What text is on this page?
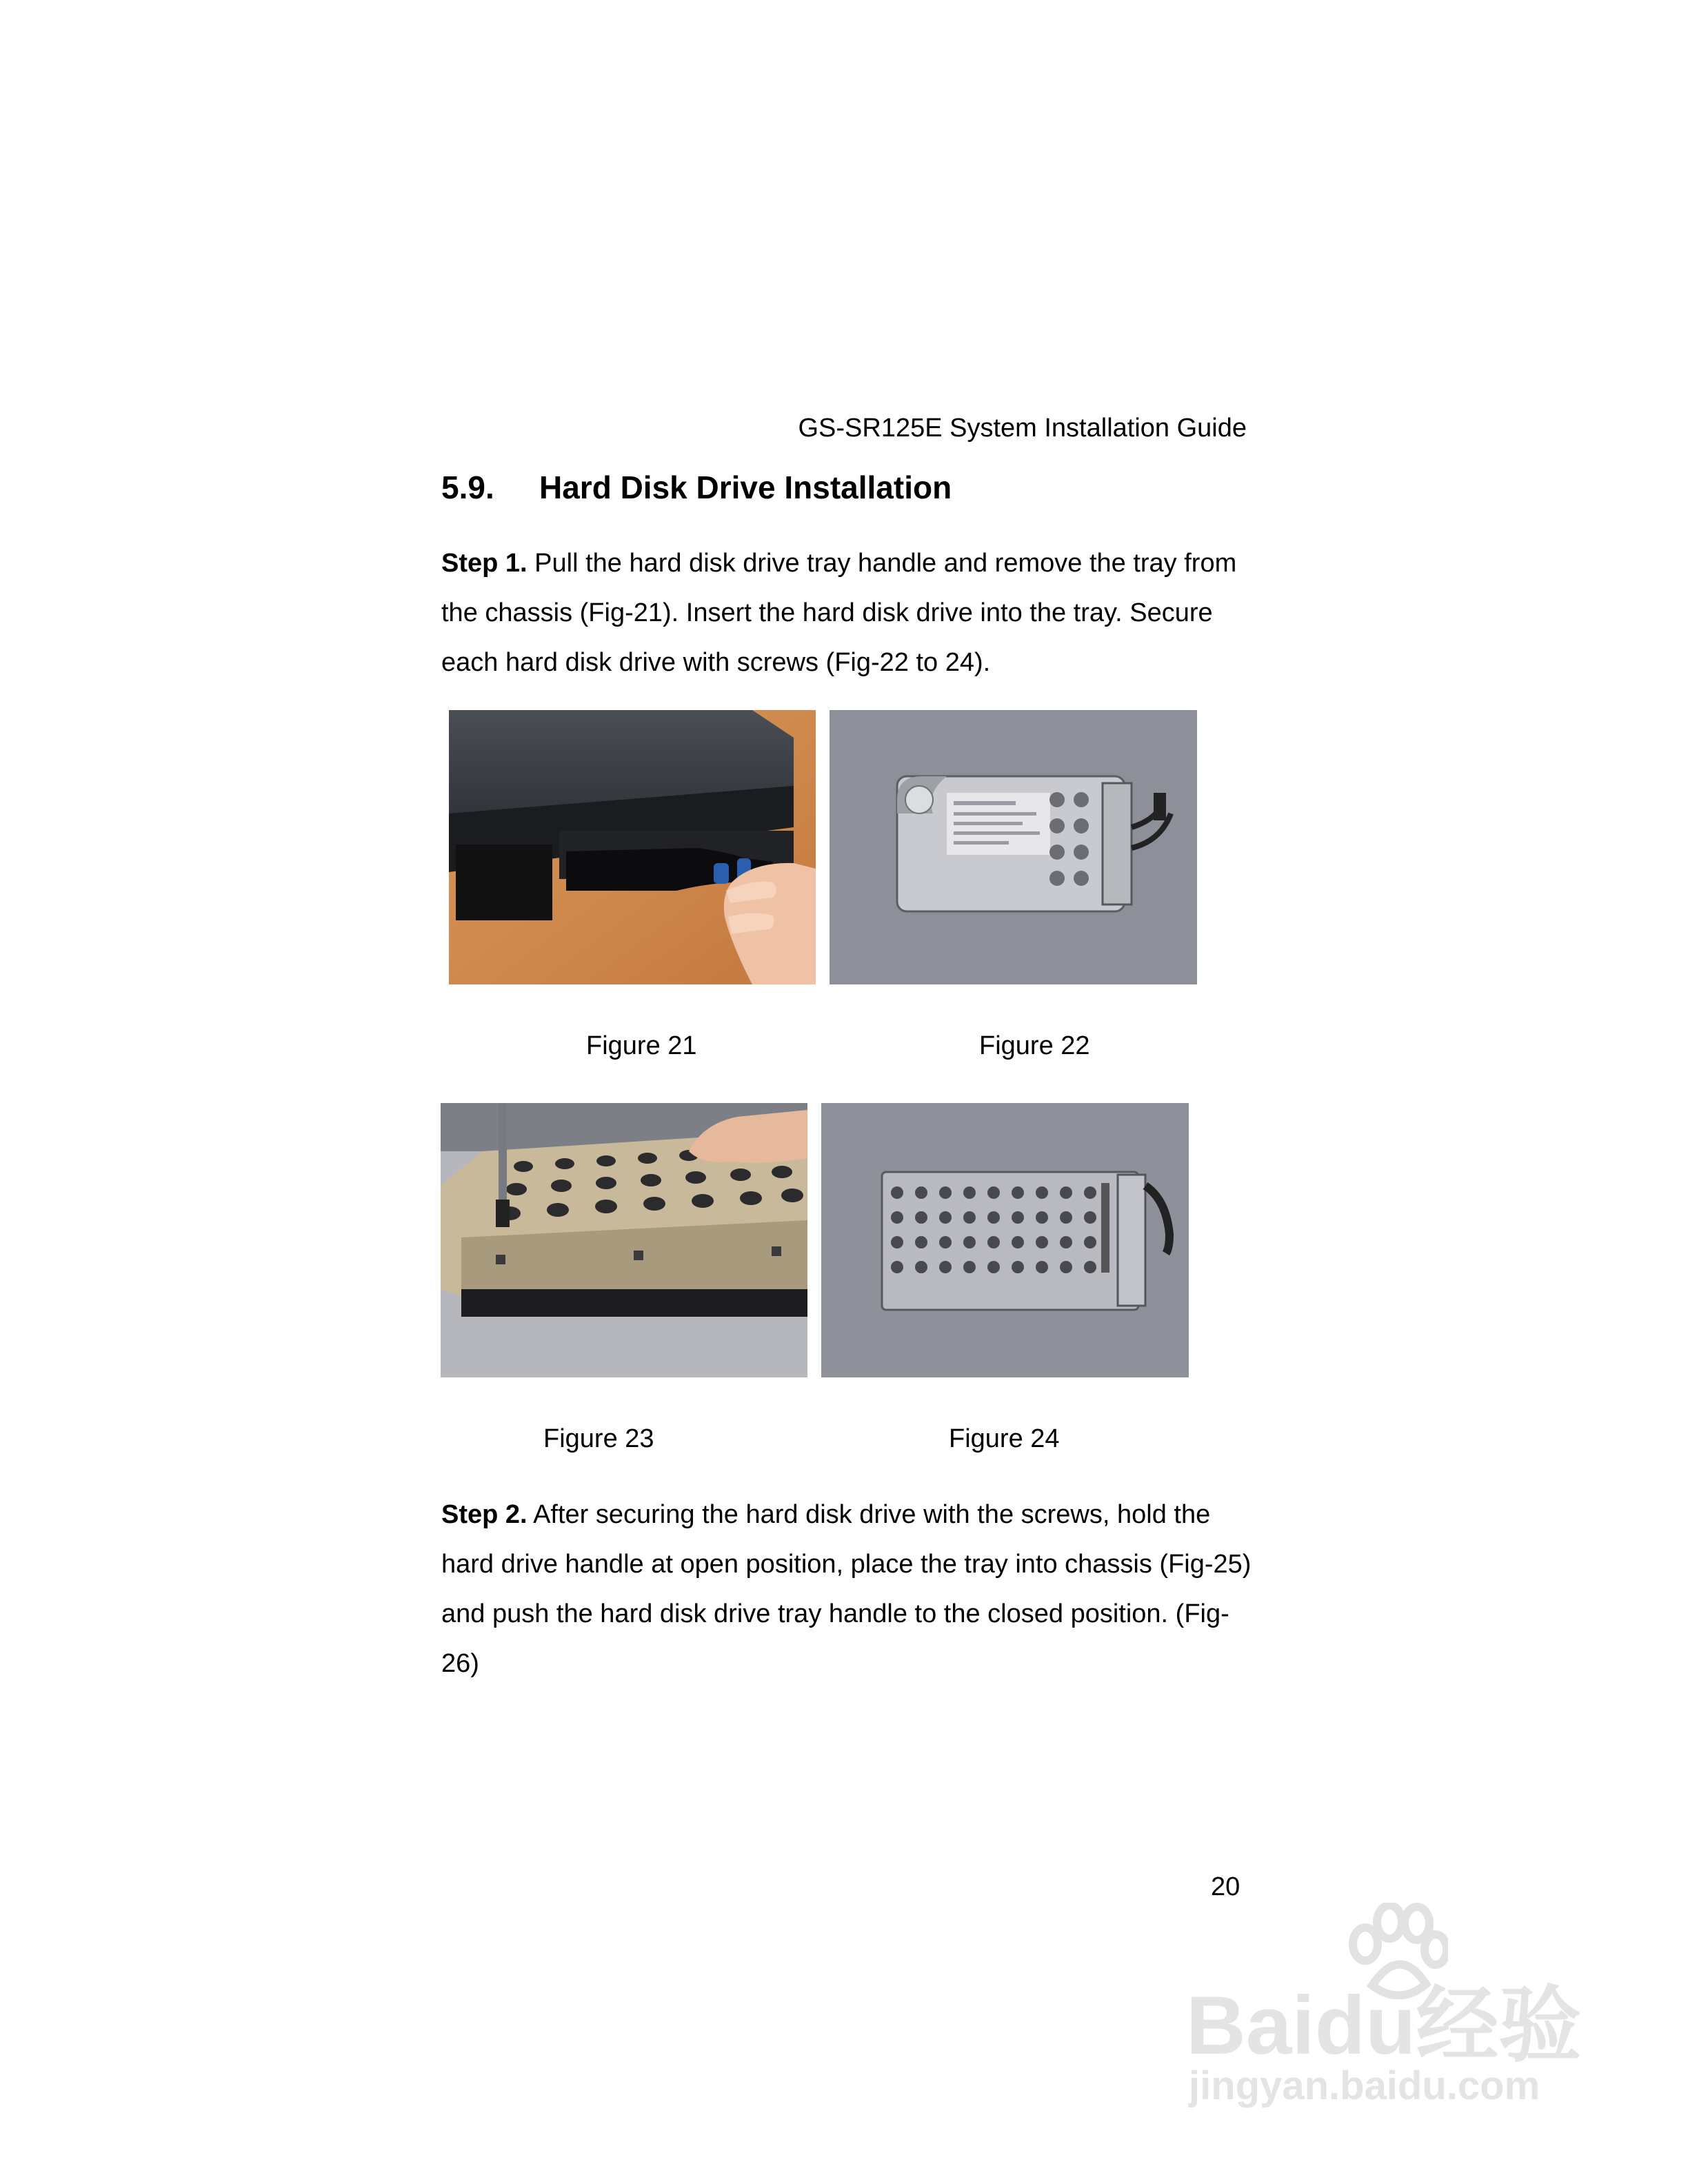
GS-SR125E System Installation Guide
5.9. Hard Disk Drive Installation
Step 1. Pull the hard disk drive tray handle and remove the tray from the chassis (Fig-21). Insert the hard disk drive into the tray. Secure each hard disk drive with screws (Fig-22 to 24).
Figure 21	Figure 22
Figure 23	Figure 24
Step 2. After securing the hard disk drive with the screws, hold the hard drive handle at open position, place the tray into chassis (Fig-25) and push the hard disk drive tray handle to the closed position. (Fig-26)
20
Baidu经验
jingyan.baidu.com
